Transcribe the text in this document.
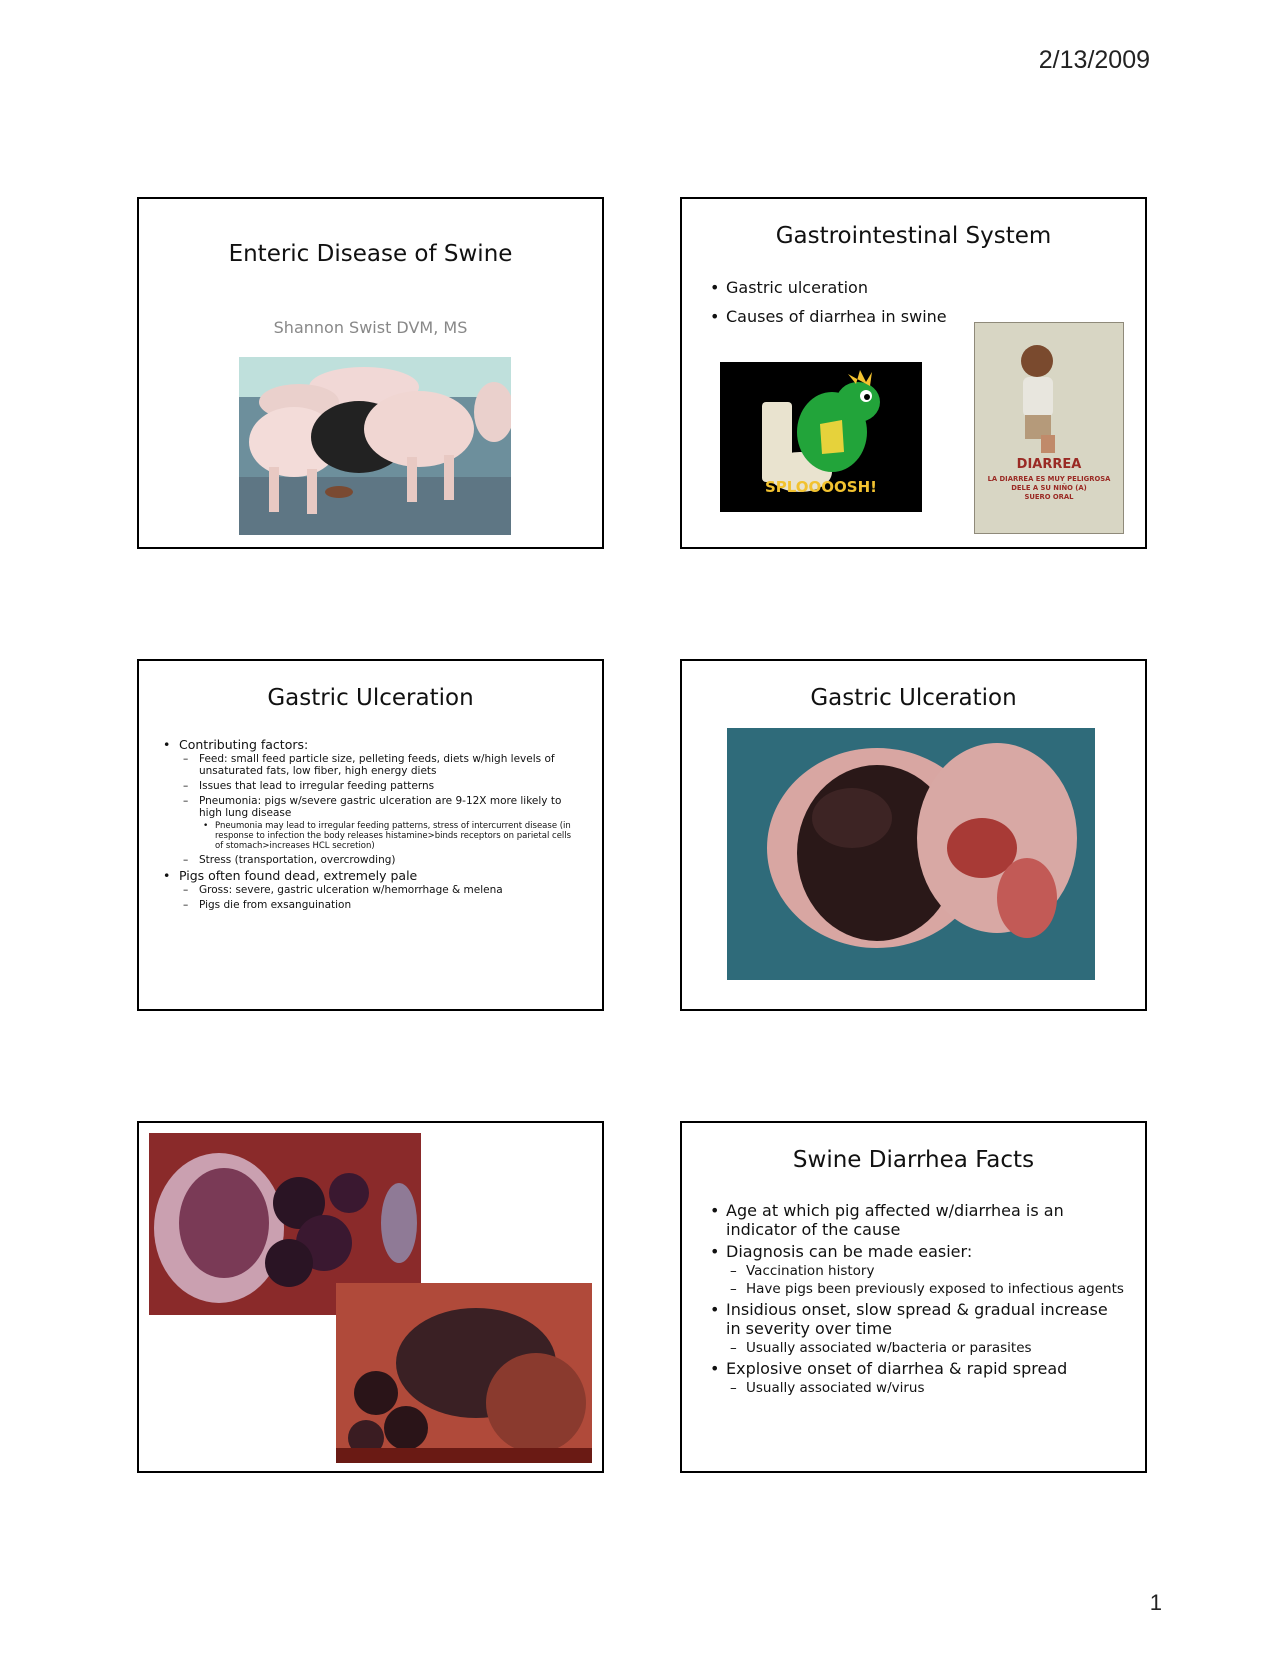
2/13/2009
Enteric Disease of Swine
Shannon Swist DVM, MS
Gastrointestinal System
• Gastric ulceration
• Causes of diarrhea in swine
SPLOOOOSH!
DIARREA
LA DIARREA ES MUY PELIGROSA
DELE A SU NIÑO (A)
SUERO ORAL
Gastric Ulceration
• Contributing factors:
– Feed: small feed particle size, pelleting feeds, diets w/high levels of unsaturated fats, low fiber, high energy diets
– Issues that lead to irregular feeding patterns
– Pneumonia: pigs w/severe gastric ulceration are 9-12X more likely to high lung disease
• Pneumonia may lead to irregular feeding patterns, stress of intercurrent disease (in response to infection the body releases histamine>binds receptors on parietal cells of stomach>increases HCL secretion)
– Stress (transportation, overcrowding)
• Pigs often found dead, extremely pale
– Gross: severe, gastric ulceration w/hemorrhage & melena
– Pigs die from exsanguination
Gastric Ulceration
Swine Diarrhea Facts
• Age at which pig affected w/diarrhea is an indicator of the cause
• Diagnosis can be made easier:
– Vaccination history
– Have pigs been previously exposed to infectious agents
• Insidious onset, slow spread & gradual increase in severity over time
– Usually associated w/bacteria or parasites
• Explosive onset of diarrhea & rapid spread
– Usually associated w/virus
1
